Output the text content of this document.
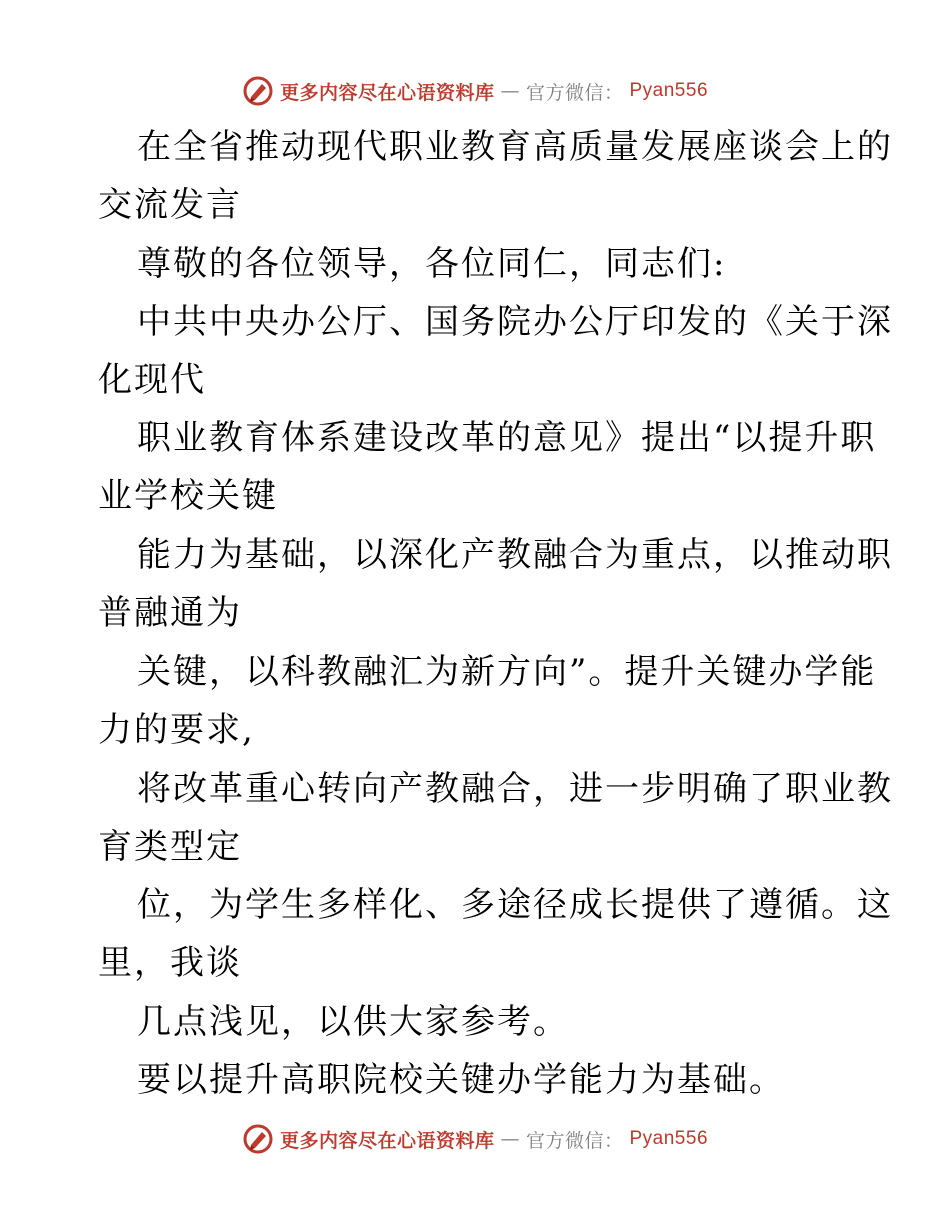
更多内容尽在心语资料库 — 官方微信： Pyan556
在全省推动现代职业教育高质量发展座谈会上的
交流发言
尊敬的各位领导，各位同仁，同志们:
中共中央办公厅、国务院办公厅印发的《关于深
化现代
职业教育体系建设改革的意见》提出“以提升职
业学校关键
能力为基础，以深化产教融合为重点，以推动职
普融通为
关键，以科教融汇为新方向”。提升关键办学能
力的要求,
将改革重心转向产教融合，进一步明确了职业教
育类型定
位，为学生多样化、多途径成长提供了遵循。这
里，我谈
几点浅见，以供大家参考。
要以提升高职院校关键办学能力为基础。
更多内容尽在心语资料库 — 官方微信： Pyan556
